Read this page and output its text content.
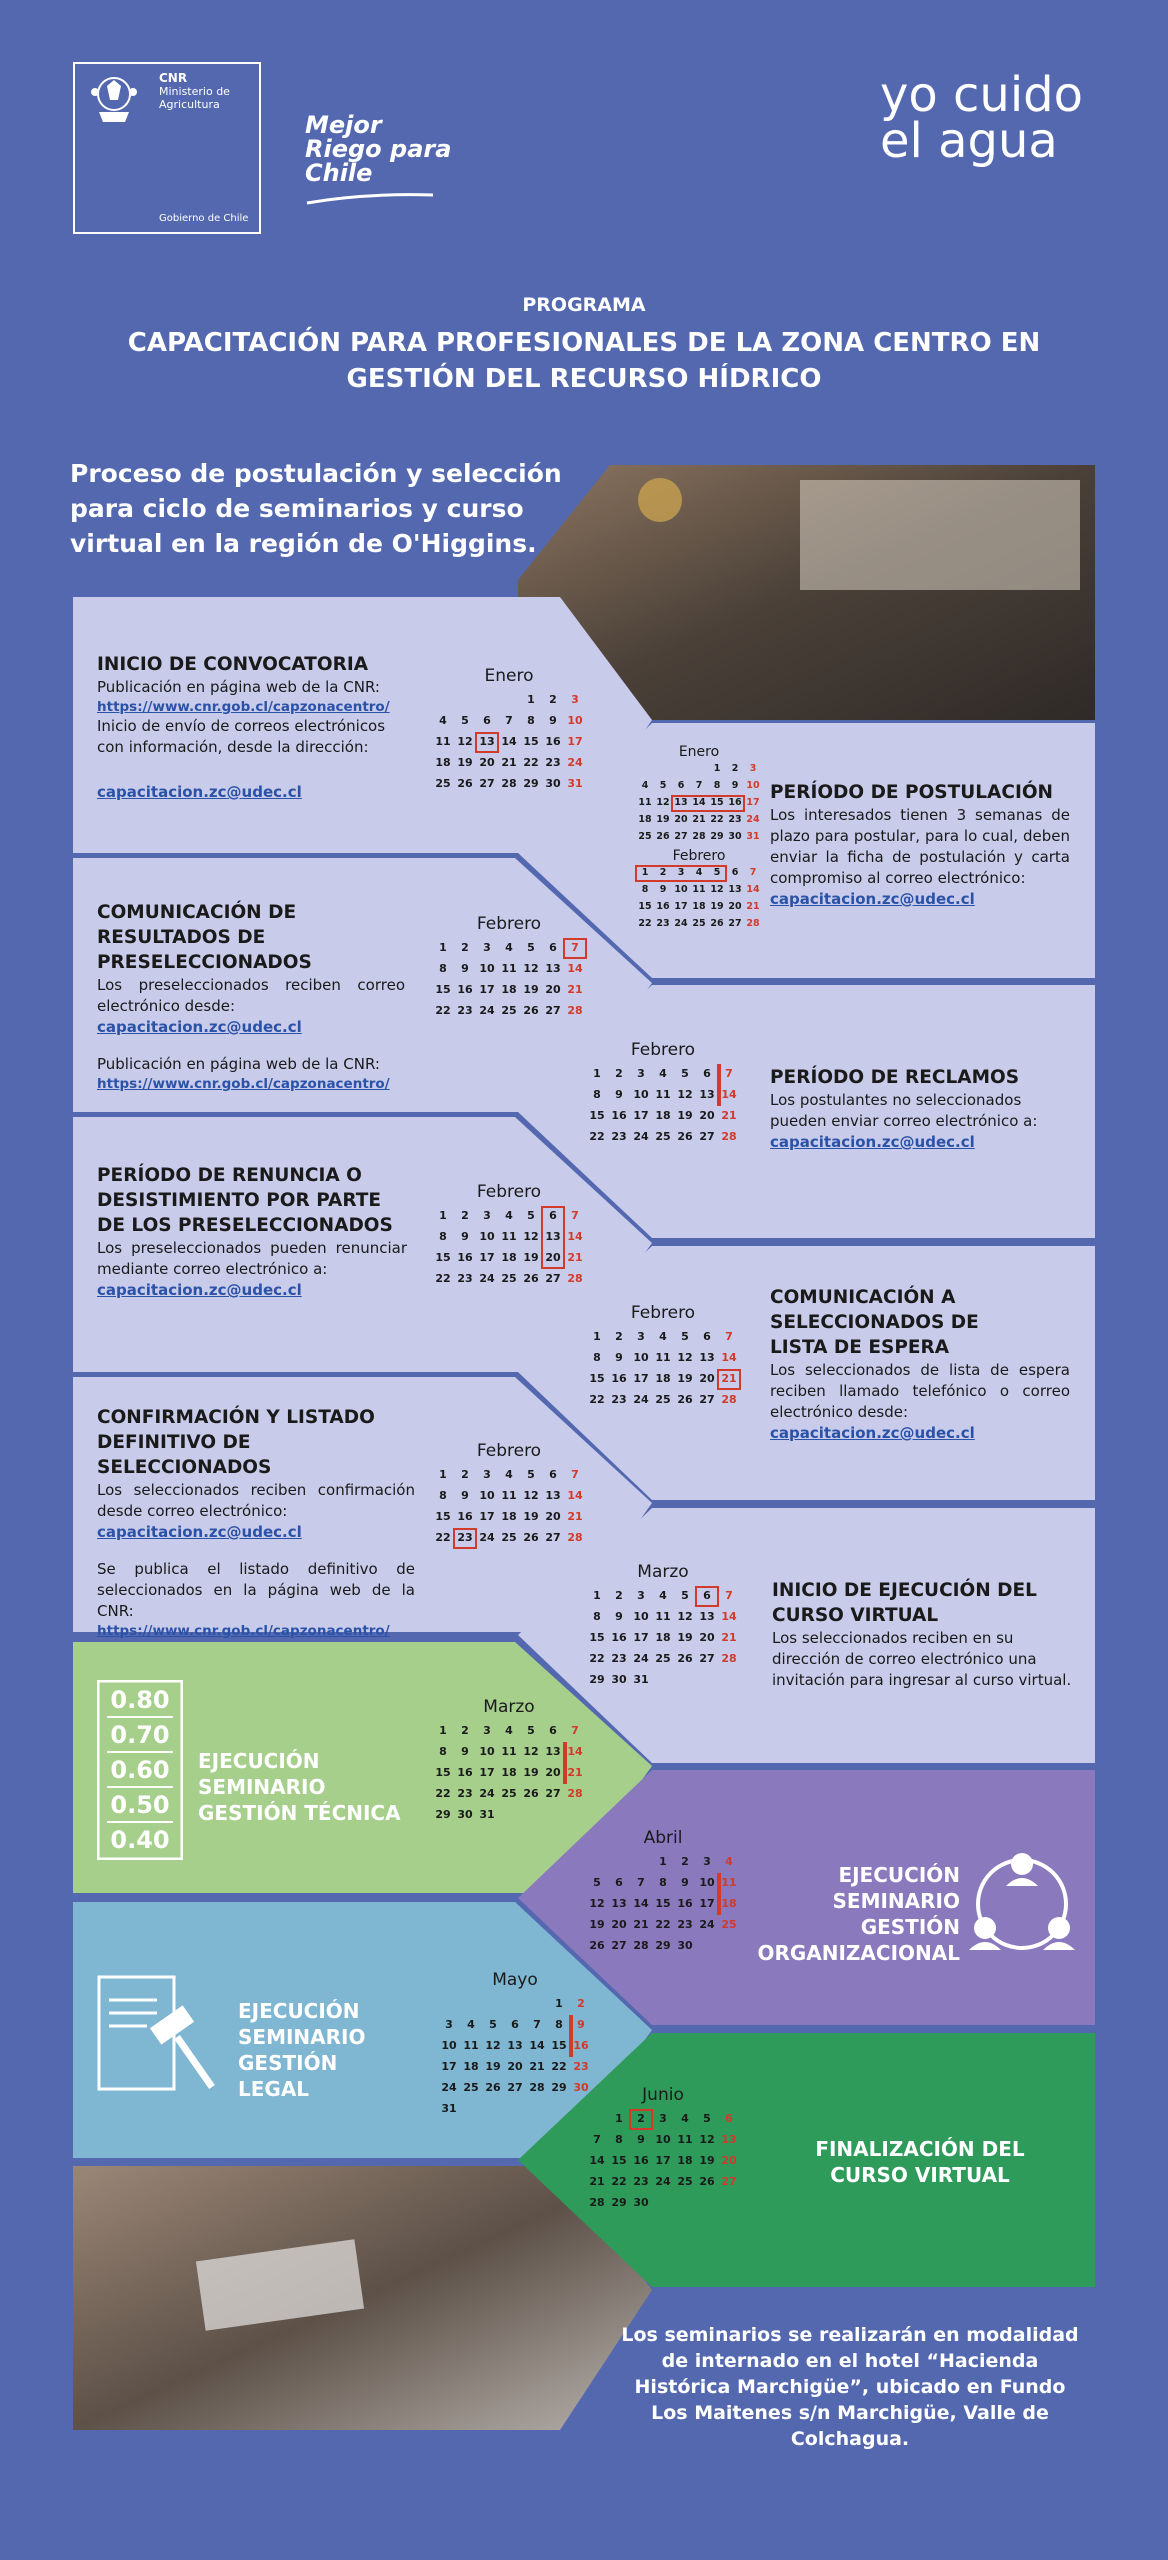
CNR
Ministerio de Agricultura
Gobierno de Chile
Mejor Riego para Chile
yo cuido el agua
PROGRAMA
CAPACITACIÓN PARA PROFESIONALES DE LA ZONA CENTRO EN GESTIÓN DEL RECURSO HÍDRICO
Proceso de postulación y selección para ciclo de seminarios y curso virtual en la región de O'Higgins.
0.80
0.70
0.60
0.50
0.40
INICIO DE CONVOCATORIA
Publicación en página web de la CNR:
https://www.cnr.gob.cl/capzonacentro/
Inicio de envío de correos electrónicos con información, desde la dirección:
capacitacion.zc@udec.cl
COMUNICACIÓN DE RESULTADOS DE PRESELECCIONADOS
Los preseleccionados reciben correo electrónico desde:
capacitacion.zc@udec.cl
Publicación en página web de la CNR:
https://www.cnr.gob.cl/capzonacentro/
PERÍODO DE RENUNCIA O DESISTIMIENTO POR PARTE DE LOS PRESELECCIONADOS
Los preseleccionados pueden renunciar mediante correo electrónico a:
capacitacion.zc@udec.cl
CONFIRMACIÓN Y LISTADO DEFINITIVO DE SELECCIONADOS
Los seleccionados reciben confirmación desde correo electrónico:
capacitacion.zc@udec.cl
Se publica el listado definitivo de seleccionados en la página web de la CNR:
https://www.cnr.gob.cl/capzonacentro/
EJECUCIÓN SEMINARIO GESTIÓN TÉCNICA
EJECUCIÓN SEMINARIO GESTIÓN LEGAL
PERÍODO DE POSTULACIÓN
Los interesados tienen 3 semanas de plazo para postular, para lo cual, deben enviar la ficha de postulación y carta compromiso al correo electrónico:
capacitacion.zc@udec.cl
PERÍODO DE RECLAMOS
Los postulantes no seleccionados pueden enviar correo electrónico a:
capacitacion.zc@udec.cl
COMUNICACIÓN A SELECCIONADOS DE LISTA DE ESPERA
Los seleccionados de lista de espera reciben llamado telefónico o correo electrónico desde:
capacitacion.zc@udec.cl
INICIO DE EJECUCIÓN DEL CURSO VIRTUAL
Los seleccionados reciben en su dirección de correo electrónico una invitación para ingresar al curso virtual.
EJECUCIÓN SEMINARIO GESTIÓN ORGANIZACIONAL
FINALIZACIÓN DEL CURSO VIRTUAL
Los seminarios se realizarán en modalidad de internado en el hotel “Hacienda Histórica Marchigüe”, ubicado en Fundo Los Maitenes s/n Marchigüe, Valle de Colchagua.
Enero
				1	2	3
4	5	6	7	8	9	10
11	12	13	14	15	16	17
18	19	20	21	22	23	24
25	26	27	28	29	30	31
Febrero
1	2	3	4	5	6	7
8	9	10	11	12	13	14
15	16	17	18	19	20	21
22	23	24	25	26	27	28
Febrero
1	2	3	4	5	6	7
8	9	10	11	12	13	14
15	16	17	18	19	20	21
22	23	24	25	26	27	28
Febrero
1	2	3	4	5	6	7
8	9	10	11	12	13	14
15	16	17	18	19	20	21
22	23	24	25	26	27	28
Marzo
1	2	3	4	5	6	7
8	9	10	11	12	13	14
15	16	17	18	19	20	21
22	23	24	25	26	27	28
29	30	31				
Mayo
					1	2
3	4	5	6	7	8	9
10	11	12	13	14	15	16
17	18	19	20	21	22	23
24	25	26	27	28	29	30
31						
Enero
				1	2	3
4	5	6	7	8	9	10
11	12	13	14	15	16	17
18	19	20	21	22	23	24
25	26	27	28	29	30	31
Febrero
1	2	3	4	5	6	7
8	9	10	11	12	13	14
15	16	17	18	19	20	21
22	23	24	25	26	27	28
Febrero
1	2	3	4	5	6	7
8	9	10	11	12	13	14
15	16	17	18	19	20	21
22	23	24	25	26	27	28
Febrero
1	2	3	4	5	6	7
8	9	10	11	12	13	14
15	16	17	18	19	20	21
22	23	24	25	26	27	28
Marzo
1	2	3	4	5	6	7
8	9	10	11	12	13	14
15	16	17	18	19	20	21
22	23	24	25	26	27	28
29	30	31				
Abril
			1	2	3	4
5	6	7	8	9	10	11
12	13	14	15	16	17	18
19	20	21	22	23	24	25
26	27	28	29	30		
Junio
	1	2	3	4	5	6
7	8	9	10	11	12	13
14	15	16	17	18	19	20
21	22	23	24	25	26	27
28	29	30				
